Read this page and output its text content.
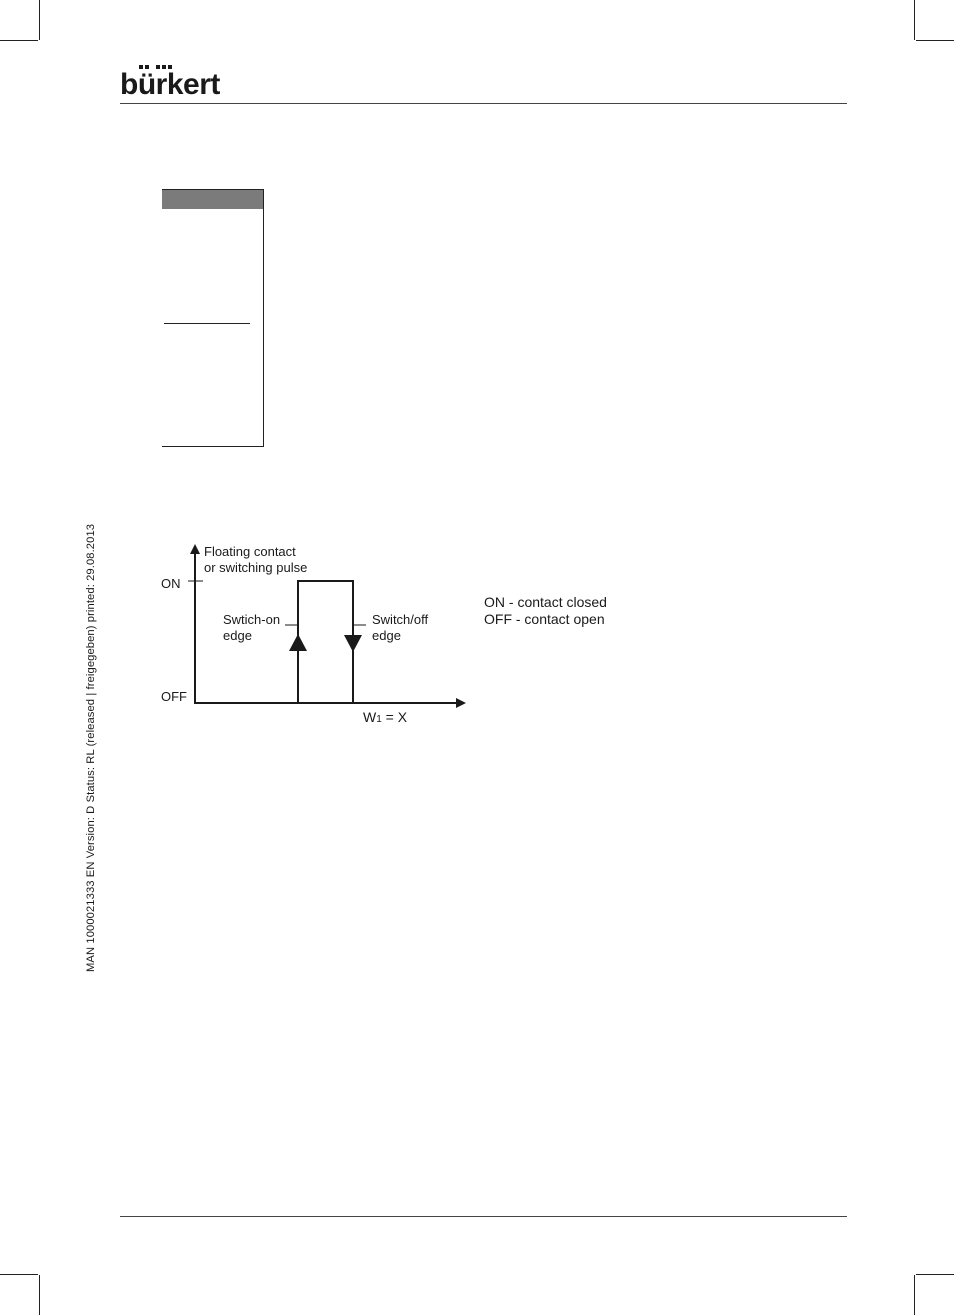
bürkert
MAN 1000021333 EN Version: D Status: RL (released | freigegeben) printed: 29.08.2013	Floating contact
or switching pulse
ON
OFF
Swtich-on
edge
Switch/off
edge
W1 = X
ON - contact closed
OFF - contact open
